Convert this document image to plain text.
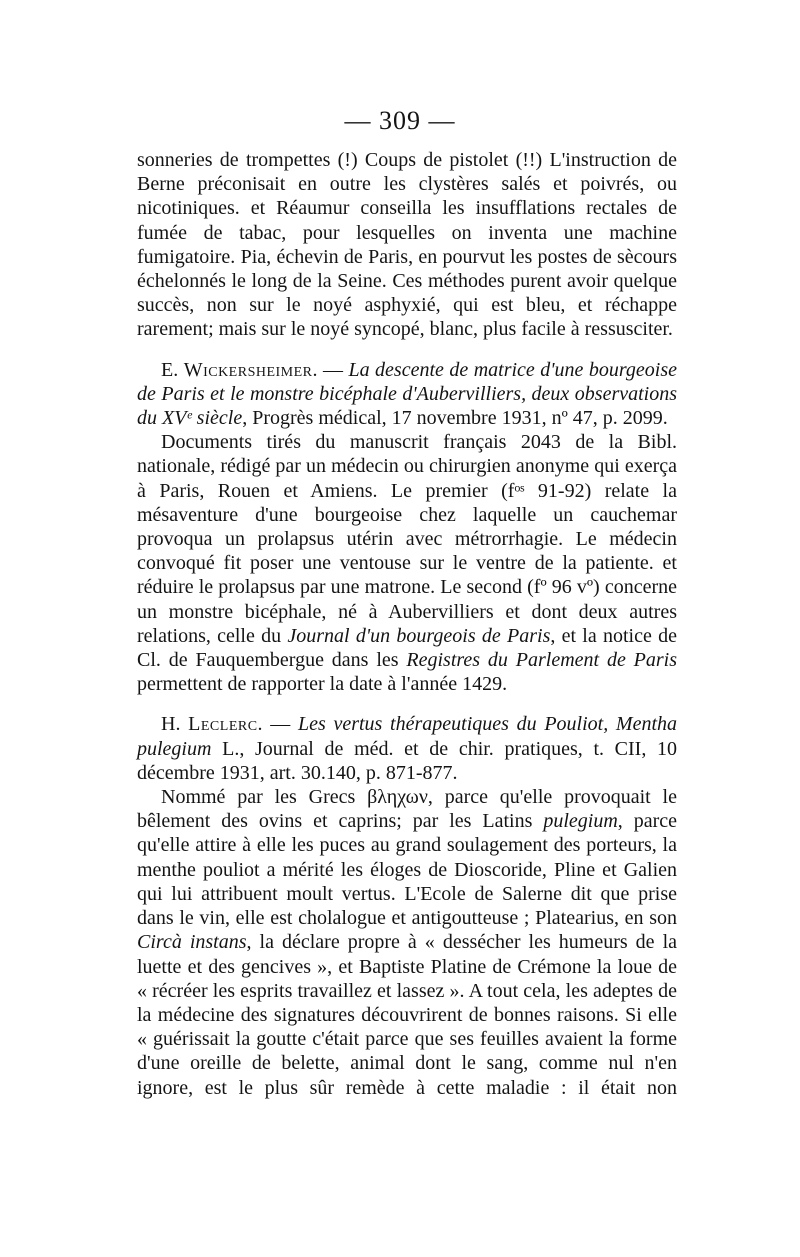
— 309 —

sonneries de trompettes (!) Coups de pistolet (!!) L'instruction de Berne préconisait en outre les clystères salés et poivrés, ou nicotiniques. et Réaumur conseilla les insufflations rectales de fumée de tabac, pour lesquelles on inventa une machine fumigatoire. Pia, échevin de Paris, en pourvut les postes de sècours échelonnés le long de la Seine. Ces méthodes purent avoir quelque succès, non sur le noyé asphyxié, qui est bleu, et réchappe rarement; mais sur le noyé syncopé, blanc, plus facile à ressusciter.

E. Wickersheimer. — La descente de matrice d'une bourgeoise de Paris et le monstre bicéphale d'Aubervilliers, deux observations du XVᵉ siècle, Progrès médical, 17 novembre 1931, nº 47, p. 2099.

Documents tirés du manuscrit français 2043 de la Bibl. nationale, rédigé par un médecin ou chirurgien anonyme qui exerça à Paris, Rouen et Amiens. Le premier (fᵒˢ 91-92) relate la mésaventure d'une bourgeoise chez laquelle un cauchemar provoqua un prolapsus utérin avec métrorrhagie. Le médecin convoqué fit poser une ventouse sur le ventre de la patiente. et réduire le prolapsus par une matrone. Le second (fº 96 vº) concerne un monstre bicéphale, né à Aubervilliers et dont deux autres relations, celle du Journal d'un bourgeois de Paris, et la notice de Cl. de Fauquembergue dans les Registres du Parlement de Paris permettent de rapporter la date à l'année 1429.

H. Leclerc. — Les vertus thérapeutiques du Pouliot, Mentha pulegium L., Journal de méd. et de chir. pratiques, t. CII, 10 décembre 1931, art. 30.140, p. 871-877.

Nommé par les Grecs βληχων, parce qu'elle provoquait le bêlement des ovins et caprins; par les Latins pulegium, parce qu'elle attire à elle les puces au grand soulagement des porteurs, la menthe pouliot a mérité les éloges de Dioscoride, Pline et Galien qui lui attribuent moult vertus. L'Ecole de Salerne dit que prise dans le vin, elle est cholalogue et antigoutteuse ; Platearius, en son Circà instans, la déclare propre à « dessécher les humeurs de la luette et des gencives », et Baptiste Platine de Crémone la loue de « récréer les esprits travaillez et lassez ». A tout cela, les adeptes de la médecine des signatures découvrirent de bonnes raisons. Si elle « guérissait la goutte c'était parce que ses feuilles avaient la forme d'une oreille de belette, animal dont le sang, comme nul n'en ignore, est le plus sûr remède à cette maladie : il était non
